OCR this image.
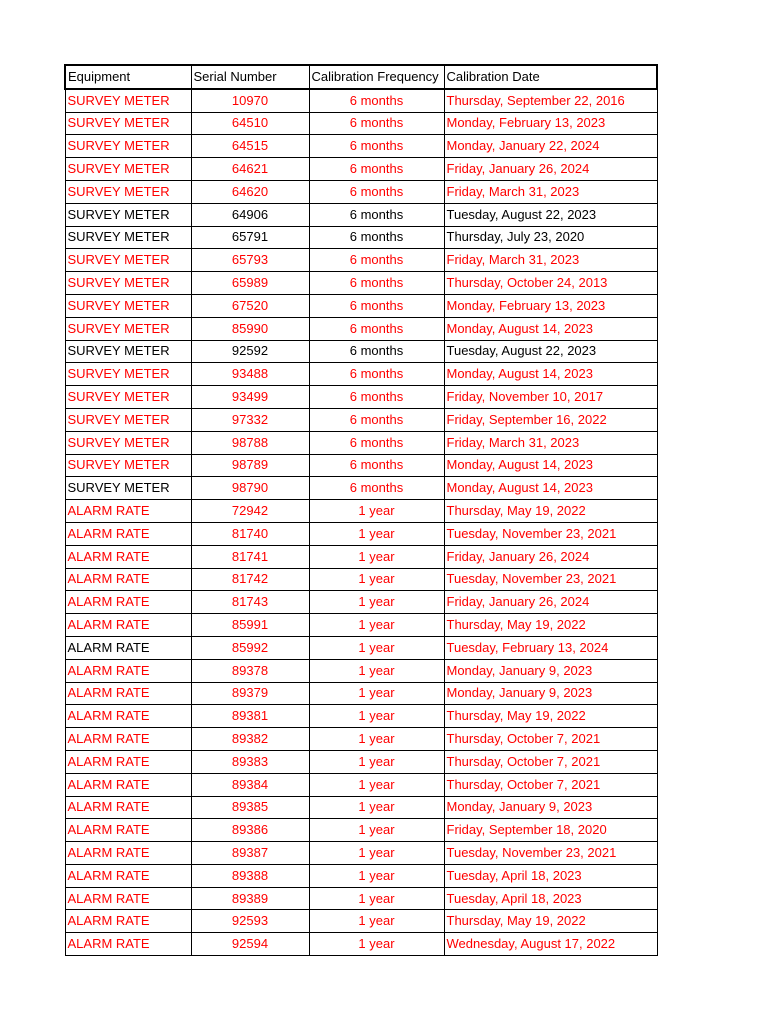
Equipment	Serial Number	Calibration Frequency	Calibration Date
SURVEY METER	10970	6 months	Thursday, September 22, 2016
SURVEY METER	64510	6 months	Monday, February 13, 2023
SURVEY METER	64515	6 months	Monday, January 22, 2024
SURVEY METER	64621	6 months	Friday, January 26, 2024
SURVEY METER	64620	6 months	Friday, March 31, 2023
SURVEY METER	64906	6 months	Tuesday, August 22, 2023
SURVEY METER	65791	6 months	Thursday, July 23, 2020
SURVEY METER	65793	6 months	Friday, March 31, 2023
SURVEY METER	65989	6 months	Thursday, October 24, 2013
SURVEY METER	67520	6 months	Monday, February 13, 2023
SURVEY METER	85990	6 months	Monday, August 14, 2023
SURVEY METER	92592	6 months	Tuesday, August 22, 2023
SURVEY METER	93488	6 months	Monday, August 14, 2023
SURVEY METER	93499	6 months	Friday, November 10, 2017
SURVEY METER	97332	6 months	Friday, September 16, 2022
SURVEY METER	98788	6 months	Friday, March 31, 2023
SURVEY METER	98789	6 months	Monday, August 14, 2023
SURVEY METER	98790	6 months	Monday, August 14, 2023
ALARM RATE	72942	1 year	Thursday, May 19, 2022
ALARM RATE	81740	1 year	Tuesday, November 23, 2021
ALARM RATE	81741	1 year	Friday, January 26, 2024
ALARM RATE	81742	1 year	Tuesday, November 23, 2021
ALARM RATE	81743	1 year	Friday, January 26, 2024
ALARM RATE	85991	1 year	Thursday, May 19, 2022
ALARM RATE	85992	1 year	Tuesday, February 13, 2024
ALARM RATE	89378	1 year	Monday, January 9, 2023
ALARM RATE	89379	1 year	Monday, January 9, 2023
ALARM RATE	89381	1 year	Thursday, May 19, 2022
ALARM RATE	89382	1 year	Thursday, October 7, 2021
ALARM RATE	89383	1 year	Thursday, October 7, 2021
ALARM RATE	89384	1 year	Thursday, October 7, 2021
ALARM RATE	89385	1 year	Monday, January 9, 2023
ALARM RATE	89386	1 year	Friday, September 18, 2020
ALARM RATE	89387	1 year	Tuesday, November 23, 2021
ALARM RATE	89388	1 year	Tuesday, April 18, 2023
ALARM RATE	89389	1 year	Tuesday, April 18, 2023
ALARM RATE	92593	1 year	Thursday, May 19, 2022
ALARM RATE	92594	1 year	Wednesday, August 17, 2022
